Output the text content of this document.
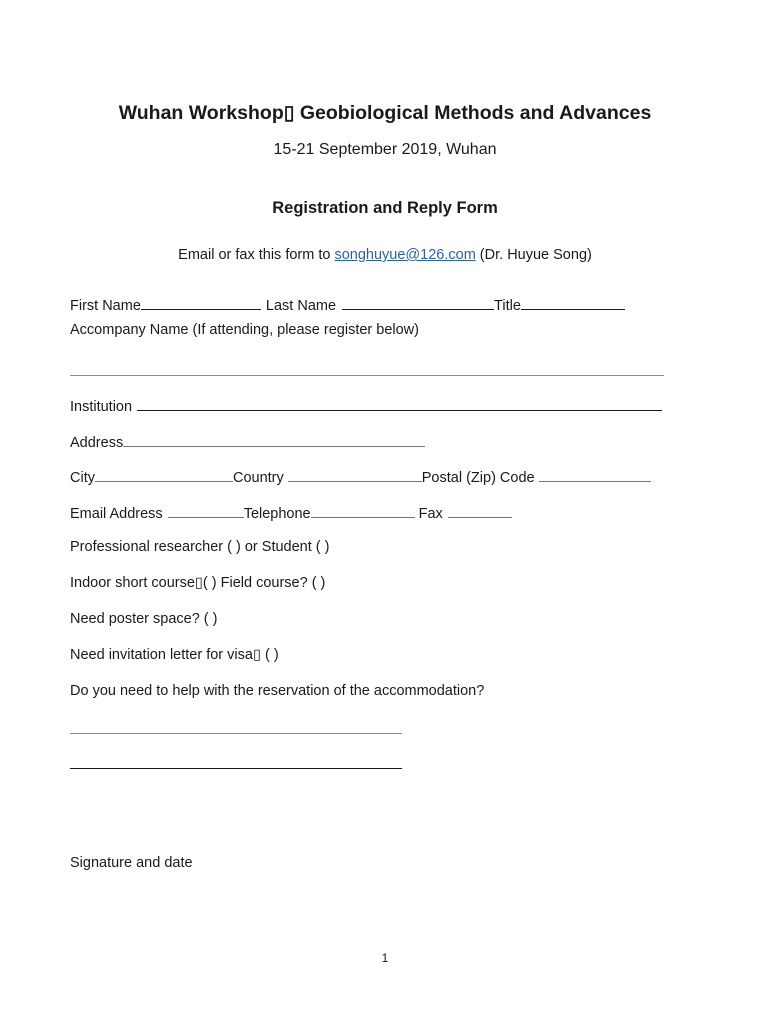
Wuhan Workshop▯ Geobiological Methods and Advances
15-21 September 2019, Wuhan
Registration and Reply Form
Email or fax this form to songhuyue@126.com (Dr. Huyue Song)
First Name	Last Name	Title
Accompany Name (If attending, please register below)
Institution
Address
City	Country	Postal (Zip) Code
Email Address	Telephone	Fax
Professional researcher ( ) or Student ( )
Indoor short course▯( ) Field course? ( )
Need poster space? ( )
Need invitation letter for visa▯ ( )
Do you need to help with the reservation of the accommodation?
Signature and date
1
